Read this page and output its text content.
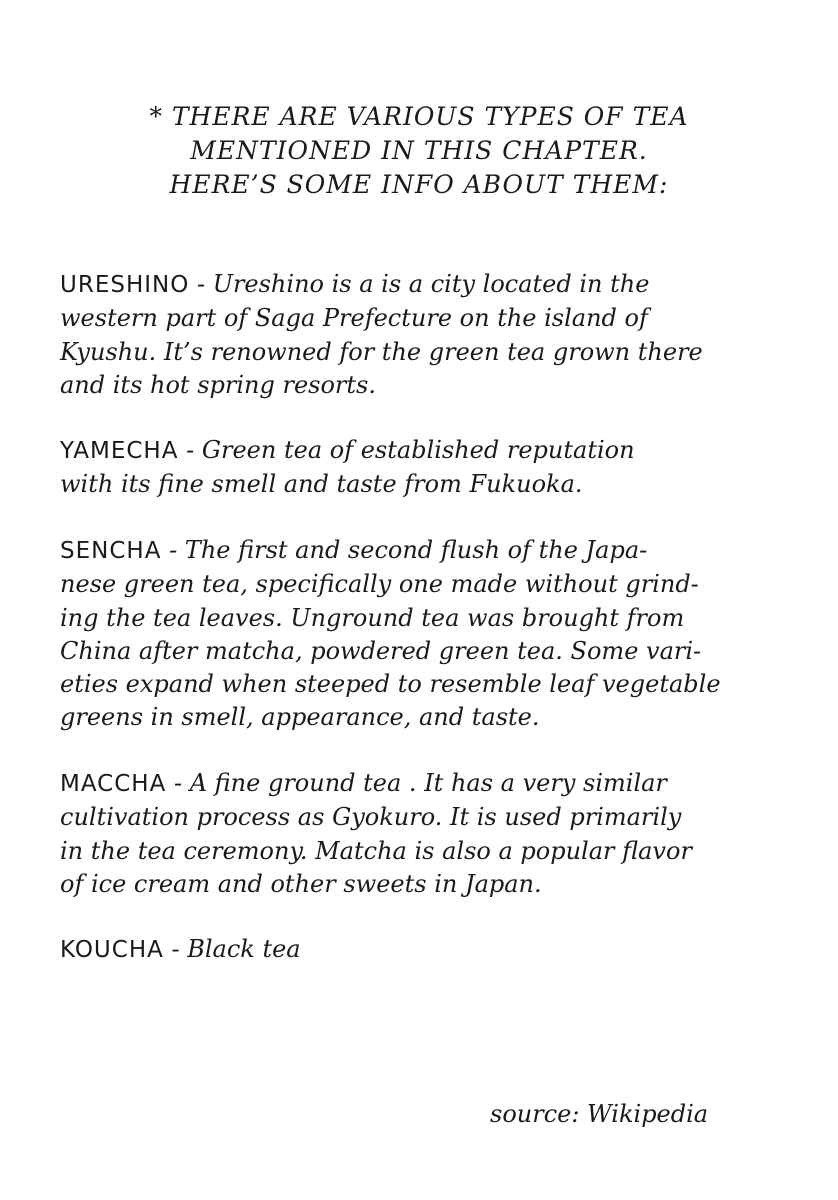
* THERE ARE VARIOUS TYPES OF TEA
MENTIONED IN THIS CHAPTER.
HERE’S SOME INFO ABOUT THEM:

URESHINO - Ureshino is a is a city located in the
western part of Saga Prefecture on the island of
Kyushu. It’s renowned for the green tea grown there
and its hot spring resorts.

YAMECHA - Green tea of established reputation
with its fine smell and taste from Fukuoka.

SENCHA - The first and second flush of the Japa-
nese green tea, specifically one made without grind-
ing the tea leaves. Unground tea was brought from
China after matcha, powdered green tea. Some vari-
eties expand when steeped to resemble leaf vegetable
greens in smell, appearance, and taste.

MACCHA - A fine ground tea . It has a very similar
cultivation process as Gyokuro. It is used primarily
in the tea ceremony. Matcha is also a popular flavor
of ice cream and other sweets in Japan.

KOUCHA - Black tea

source: Wikipedia
